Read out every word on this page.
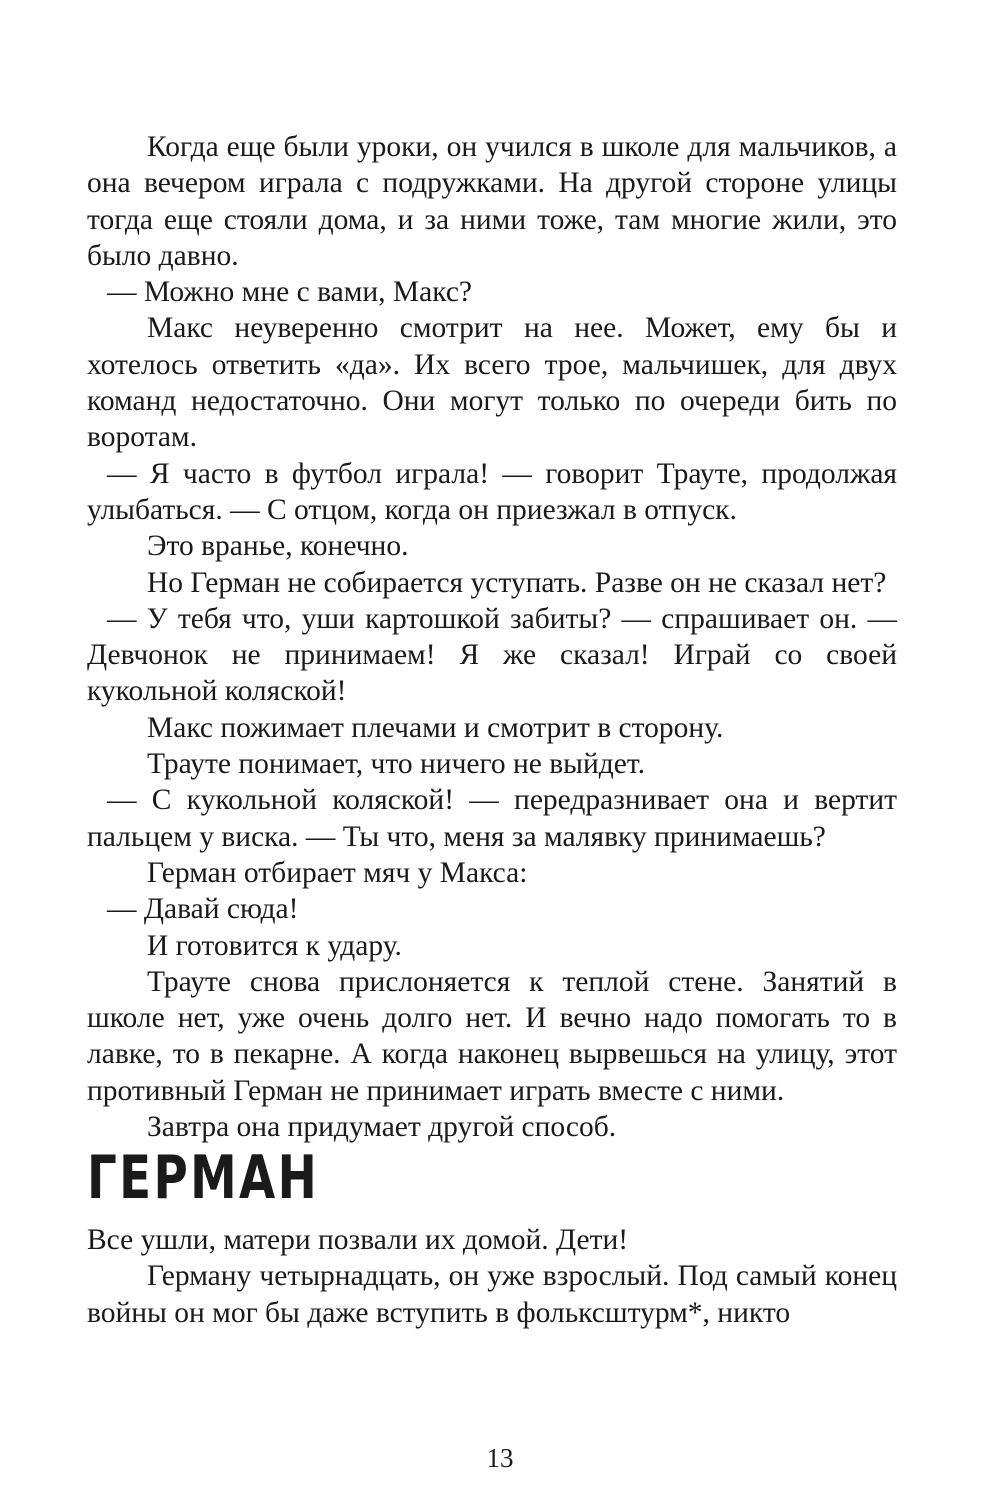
Когда еще были уроки, он учился в школе для мальчиков, а она вечером играла с подружками. На другой стороне улицы тогда еще стояли дома, и за ними тоже, там многие жили, это было давно.

— Можно мне с вами, Макс?

Макс неуверенно смотрит на нее. Может, ему бы и хотелось ответить «да». Их всего трое, мальчишек, для двух команд недостаточно. Они могут только по очереди бить по воротам.

— Я часто в футбол играла! — говорит Траутe, продолжая улыбаться. — С отцом, когда он приезжал в отпуск.

Это вранье, конечно.

Но Герман не собирается уступать. Разве он не сказал нет?

— У тебя что, уши картошкой забиты? — спрашивает он. — Девчонок не принимаем! Я же сказал! Играй со своей кукольной коляской!

Макс пожимает плечами и смотрит в сторону.

Траутe понимает, что ничего не выйдет.

— С кукольной коляской! — передразнивает она и вертит пальцем у виска. — Ты что, меня за малявку принимаешь?

Герман отбирает мяч у Макса:

— Давай сюда!

И готовится к удару.

Траутe снова прислоняется к теплой стене. Занятий в школе нет, уже очень долго нет. И вечно надо помогать то в лавке, то в пекарне. А когда наконец вырвешься на улицу, этот противный Герман не принимает играть вместе с ними.

Завтра она придумает другой способ.

ГЕРМАН

Все ушли, матери позвали их домой. Дети!

Герману четырнадцать, он уже взрослый. Под самый конец войны он мог бы даже вступить в фольксштурм*, никто

13
